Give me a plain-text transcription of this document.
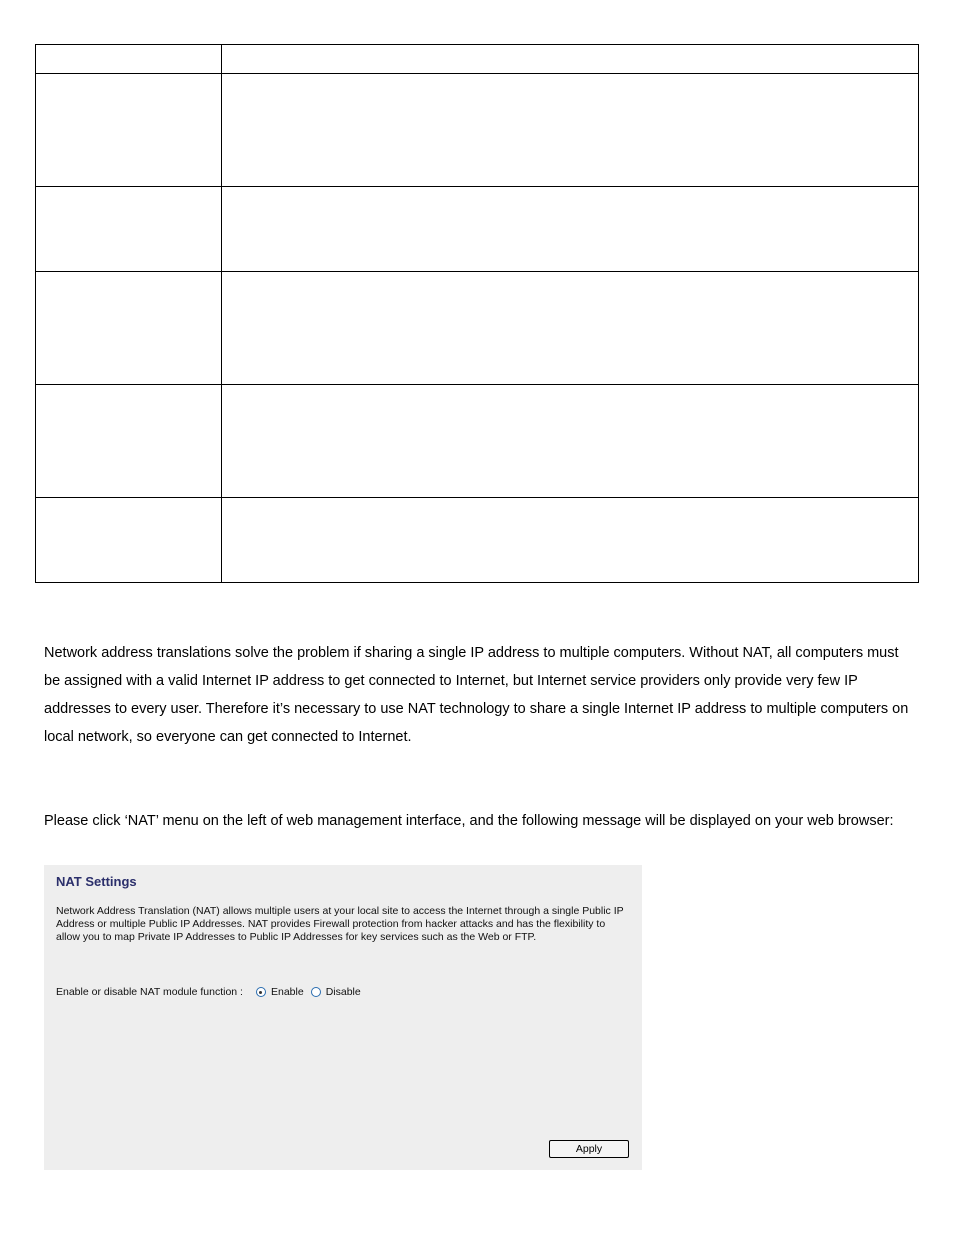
Network address translations solve the problem if sharing a single IP address to multiple computers. Without NAT, all computers must be assigned with a valid Internet IP address to get connected to Internet, but Internet service providers only provide very few IP addresses to every user. Therefore it’s necessary to use NAT technology to share a single Internet IP address to multiple computers on local network, so everyone can get connected to Internet.

Please click ‘NAT’ menu on the left of web management interface, and the following message will be displayed on your web browser:

NAT Settings
Network Address Translation (NAT) allows multiple users at your local site to access the Internet through a single Public IP Address or multiple Public IP Addresses. NAT provides Firewall protection from hacker attacks and has the flexibility to allow you to map Private IP Addresses to Public IP Addresses for key services such as the Web or FTP.
Enable or disable NAT module function :	Enable Disable
Apply
